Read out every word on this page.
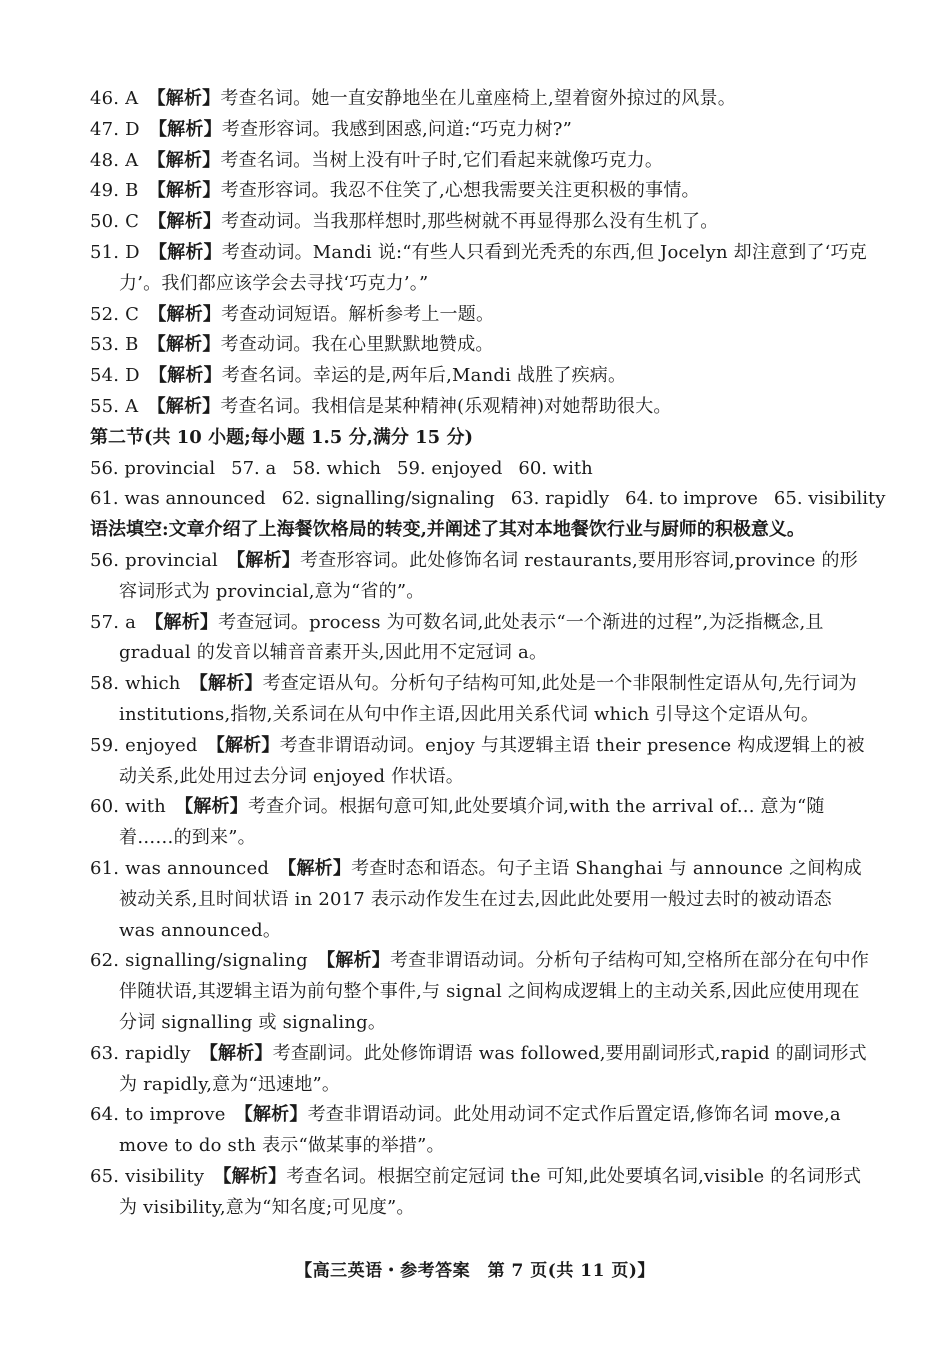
46. A  【解析】考查名词。她一直安静地坐在儿童座椅上,望着窗外掠过的风景。
47. D  【解析】考查形容词。我感到困惑,问道:“巧克力树?”
48. A  【解析】考查名词。当树上没有叶子时,它们看起来就像巧克力。
49. B  【解析】考查形容词。我忍不住笑了,心想我需要关注更积极的事情。
50. C  【解析】考查动词。当我那样想时,那些树就不再显得那么没有生机了。
51. D  【解析】考查动词。Mandi 说:“有些人只看到光秃秃的东西,但 Jocelyn 却注意到了‘巧克力’。我们都应该学会去寻找‘巧克力’。”
52. C  【解析】考查动词短语。解析参考上一题。
53. B  【解析】考查动词。我在心里默默地赞成。
54. D  【解析】考查名词。幸运的是,两年后,Mandi 战胜了疾病。
55. A  【解析】考查名词。我相信是某种精神(乐观精神)对她帮助很大。
第二节(共 10 小题;每小题 1.5 分,满分 15 分)
56. provincial 57. a 58. which 59. enjoyed 60. with
61. was announced 62. signalling/signaling 63. rapidly 64. to improve 65. visibility
语法填空:文章介绍了上海餐饮格局的转变,并阐述了其对本地餐饮行业与厨师的积极意义。
56. provincial  【解析】考查形容词。此处修饰名词 restaurants,要用形容词,province 的形容词形式为 provincial,意为“省的”。
57. a  【解析】考查冠词。process 为可数名词,此处表示“一个渐进的过程”,为泛指概念,且 gradual 的发音以辅音音素开头,因此用不定冠词 a。
58. which  【解析】考查定语从句。分析句子结构可知,此处是一个非限制性定语从句,先行词为 institutions,指物,关系词在从句中作主语,因此用关系代词 which 引导这个定语从句。
59. enjoyed  【解析】考查非谓语动词。enjoy 与其逻辑主语 their presence 构成逻辑上的被动关系,此处用过去分词 enjoyed 作状语。
60. with  【解析】考查介词。根据句意可知,此处要填介词,with the arrival of... 意为“随着……的到来”。
61. was announced  【解析】考查时态和语态。句子主语 Shanghai 与 announce 之间构成被动关系,且时间状语 in 2017 表示动作发生在过去,因此此处要用一般过去时的被动语态 was announced。
62. signalling/signaling  【解析】考查非谓语动词。分析句子结构可知,空格所在部分在句中作伴随状语,其逻辑主语为前句整个事件,与 signal 之间构成逻辑上的主动关系,因此应使用现在分词 signalling 或 signaling。
63. rapidly  【解析】考查副词。此处修饰谓语 was followed,要用副词形式,rapid 的副词形式为 rapidly,意为“迅速地”。
64. to improve  【解析】考查非谓语动词。此处用动词不定式作后置定语,修饰名词 move,a move to do sth 表示“做某事的举措”。
65. visibility  【解析】考查名词。根据空前定冠词 the 可知,此处要填名词,visible 的名词形式为 visibility,意为“知名度;可见度”。
【高三英语・参考答案　第 7 页(共 11 页)】
